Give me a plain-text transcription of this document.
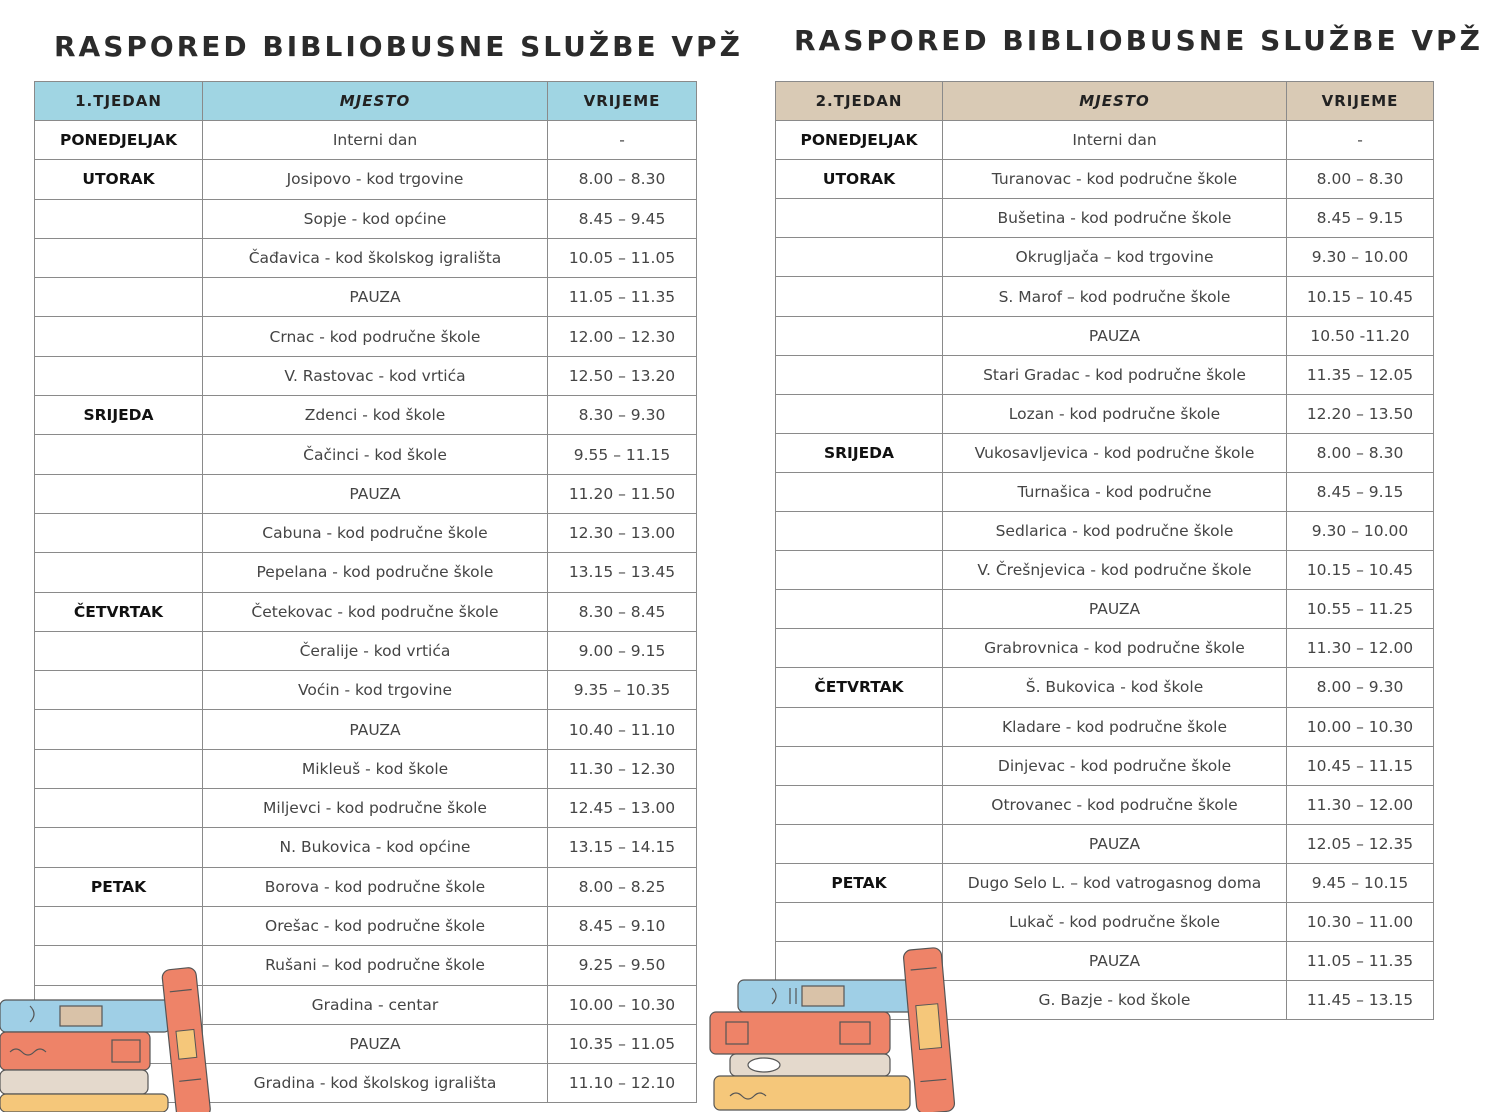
RASPORED BIBLIOBUSNE SLUŽBE VPŽ RASPORED BIBLIOBUSNE SLUŽBE VPŽ
1.TJEDAN	MJESTO	VRIJEME
PONEDJELJAK	Interni dan	-
UTORAK	Josipovo - kod trgovine	8.00 – 8.30
	Sopje - kod općine	8.45 – 9.45
	Čađavica - kod školskog igrališta	10.05 – 11.05
	PAUZA	11.05 – 11.35
	Crnac - kod područne škole	12.00 – 12.30
	V. Rastovac - kod vrtića	12.50 – 13.20
SRIJEDA	Zdenci - kod škole	8.30 – 9.30
	Čačinci - kod škole	9.55 – 11.15
	PAUZA	11.20 – 11.50
	Cabuna - kod područne škole	12.30 – 13.00
	Pepelana - kod područne škole	13.15 – 13.45
ČETVRTAK	Četekovac - kod područne škole	8.30 – 8.45
	Čeralije - kod vrtića	9.00 – 9.15
	Voćin - kod trgovine	9.35 – 10.35
	PAUZA	10.40 – 11.10
	Mikleuš - kod škole	11.30 – 12.30
	Miljevci - kod područne škole	12.45 – 13.00
	N. Bukovica - kod općine	13.15 – 14.15
PETAK	Borova - kod područne škole	8.00 – 8.25
	Orešac - kod područne škole	8.45 – 9.10
	Rušani – kod područne škole	9.25 – 9.50
	Gradina - centar	10.00 – 10.30
	PAUZA	10.35 – 11.05
	Gradina - kod školskog igrališta	11.10 – 12.10
2.TJEDAN	MJESTO	VRIJEME
PONEDJELJAK	Interni dan	-
UTORAK	Turanovac - kod područne škole	8.00 – 8.30
	Bušetina - kod područne škole	8.45 – 9.15
	Okrugljača – kod trgovine	9.30 – 10.00
	S. Marof – kod područne škole	10.15 – 10.45
	PAUZA	10.50 -11.20
	Stari Gradac - kod područne škole	11.35 – 12.05
	Lozan - kod područne škole	12.20 – 13.50
SRIJEDA	Vukosavljevica - kod područne škole	8.00 – 8.30
	Turnašica - kod područne	8.45 – 9.15
	Sedlarica - kod područne škole	9.30 – 10.00
	V. Črešnjevica - kod područne škole	10.15 – 10.45
	PAUZA	10.55 – 11.25
	Grabrovnica - kod područne škole	11.30 – 12.00
ČETVRTAK	Š. Bukovica - kod škole	8.00 – 9.30
	Kladare - kod područne škole	10.00 – 10.30
	Dinjevac - kod područne škole	10.45 – 11.15
	Otrovanec - kod područne škole	11.30 – 12.00
	PAUZA	12.05 – 12.35
PETAK	Dugo Selo L. – kod vatrogasnog doma	9.45 – 10.15
	Lukač - kod područne škole	10.30 – 11.00
	PAUZA	11.05 – 11.35
	G. Bazje - kod škole	11.45 – 13.15
